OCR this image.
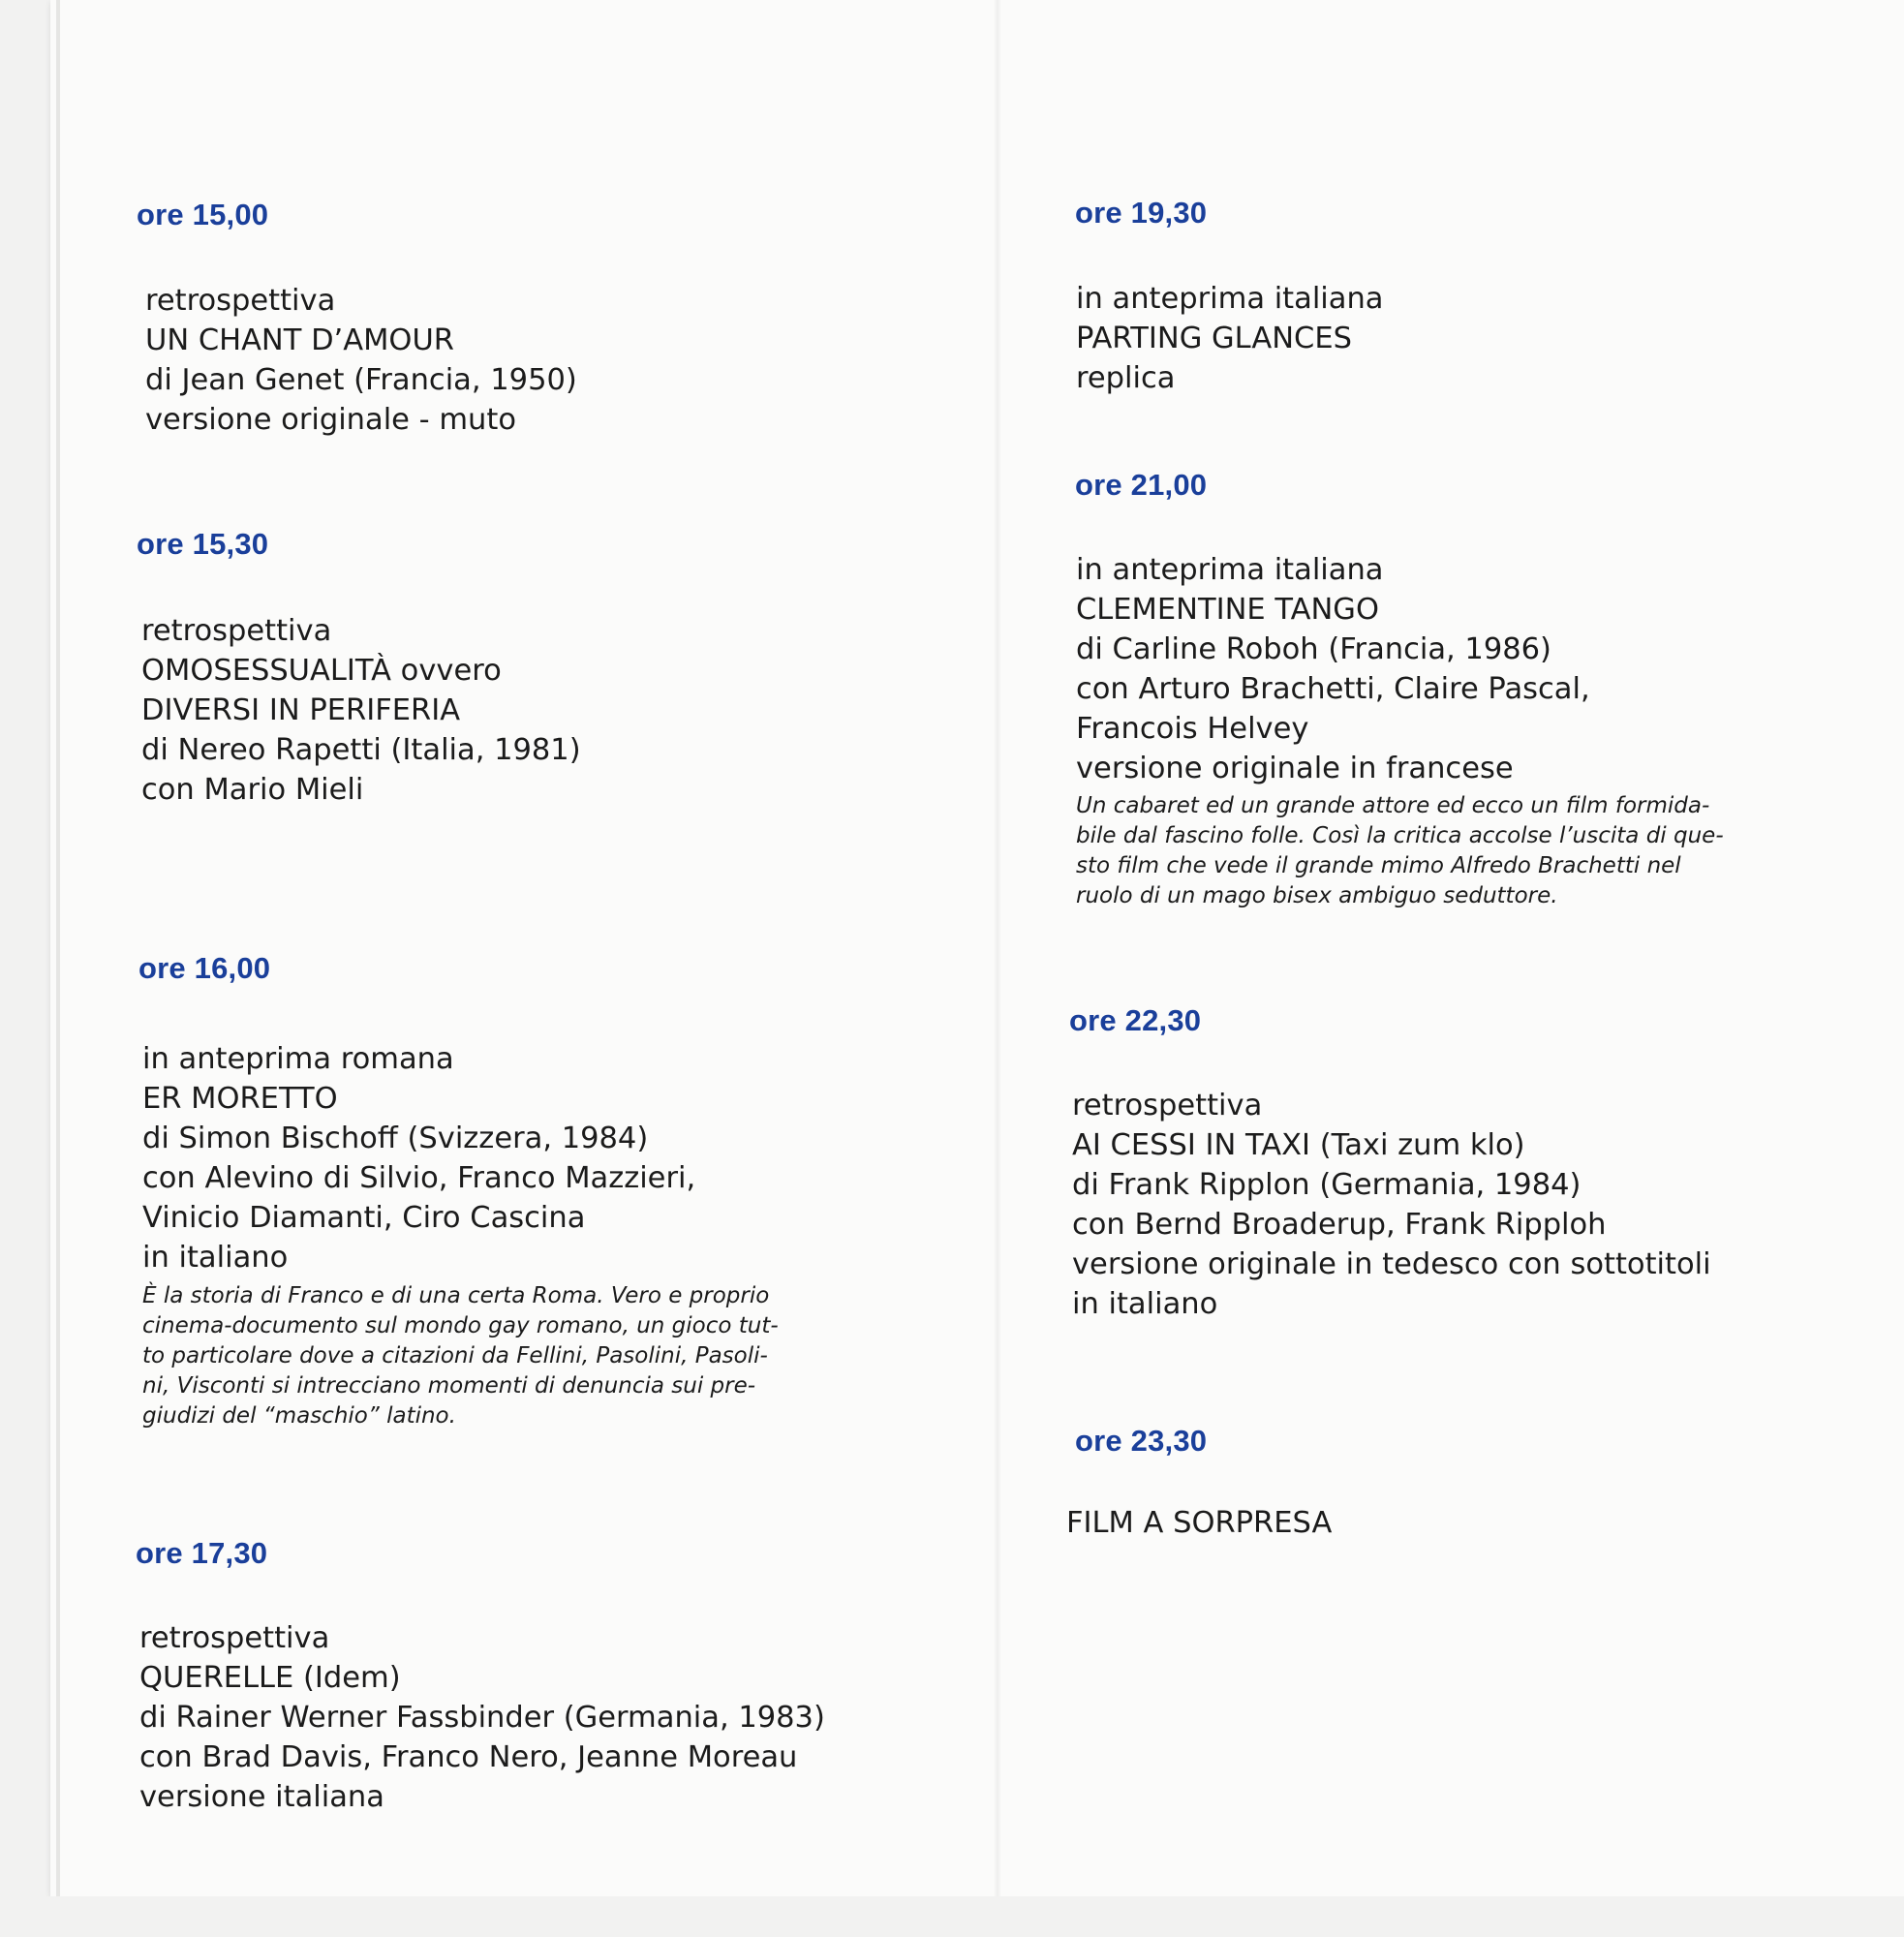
ore 15,00
retrospettiva
UN CHANT D’AMOUR
di Jean Genet (Francia, 1950)
versione originale - muto
ore 15,30
retrospettiva
OMOSESSUALITÀ ovvero
DIVERSI IN PERIFERIA
di Nereo Rapetti (Italia, 1981)
con Mario Mieli
ore 16,00
in anteprima romana
ER MORETTO
di Simon Bischoff (Svizzera, 1984)
con Alevino di Silvio, Franco Mazzieri,
Vinicio Diamanti, Ciro Cascina
in italiano
È la storia di Franco e di una certa Roma. Vero e proprio
cinema-documento sul mondo gay romano, un gioco tut-
to particolare dove a citazioni da Fellini, Pasolini, Pasoli-
ni, Visconti si intrecciano momenti di denuncia sui pre-
giudizi del “maschio” latino.
ore 17,30
retrospettiva
QUERELLE (Idem)
di Rainer Werner Fassbinder (Germania, 1983)
con Brad Davis, Franco Nero, Jeanne Moreau
versione italiana
ore 19,30
in anteprima italiana
PARTING GLANCES
replica
ore 21,00
in anteprima italiana
CLEMENTINE TANGO
di Carline Roboh (Francia, 1986)
con Arturo Brachetti, Claire Pascal,
Francois Helvey
versione originale in francese
Un cabaret ed un grande attore ed ecco un film formida-
bile dal fascino folle. Così la critica accolse l’uscita di que-
sto film che vede il grande mimo Alfredo Brachetti nel
ruolo di un mago bisex ambiguo seduttore.
ore 22,30
retrospettiva
AI CESSI IN TAXI (Taxi zum klo)
di Frank Ripplon (Germania, 1984)
con Bernd Broaderup, Frank Ripploh
versione originale in tedesco con sottotitoli
in italiano
ore 23,30
FILM A SORPRESA
